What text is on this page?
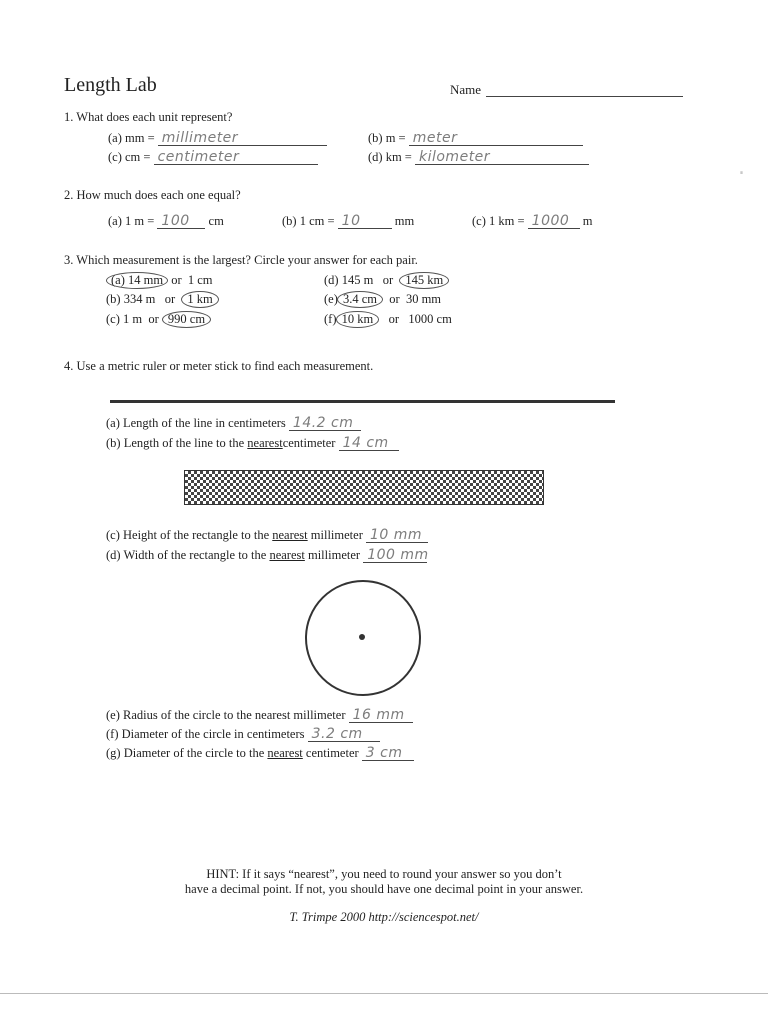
Length Lab	Name
‧
1. What does each unit represent?
(a) mm = millimeter	(b) m = meter
(c) cm = centimeter	(d) km = kilometer
2. How much does each one equal?
(a) 1 m = 100 cm	(b) 1 cm = 10	mm	(c) 1 km = 1000 m
3. Which measurement is the largest? Circle your answer for each pair.
(a) 14 mm or 1 cm
(b) 334 m or 1 km
(c) 1 m or 990 cm
(d) 145 m or 145 km
(e) 3.4 cm or 30 mm
(f) 10 km or 1000 cm
4. Use a metric ruler or meter stick to find each measurement.
(a) Length of the line in centimeters 14.2 cm
(b) Length of the line to the nearestcentimeter 14 cm
(c) Height of the rectangle to the nearest millimeter 10 mm
(d) Width of the rectangle to the nearest millimeter 100 mm
(e) Radius of the circle to the nearest millimeter 16 mm
(f) Diameter of the circle in centimeters 3.2 cm
(g) Diameter of the circle to the nearest centimeter 3 cm
HINT: If it says “nearest”, you need to round your answer so you don’t
have a decimal point. If not, you should have one decimal point in your answer.
T. Trimpe 2000 http://sciencespot.net/
